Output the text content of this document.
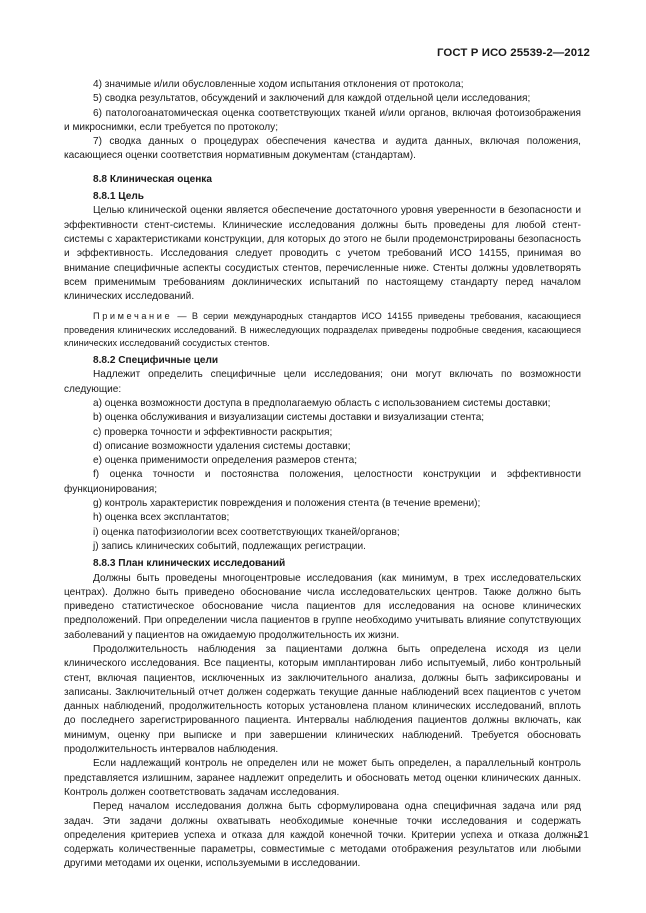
ГОСТ Р ИСО 25539-2—2012

4) значимые и/или обусловленные ходом испытания отклонения от протокола;

5) сводка результатов, обсуждений и заключений для каждой отдельной цели исследования;

6) патологоанатомическая оценка соответствующих тканей и/или органов, включая фотоизображения и микроснимки, если требуется по протоколу;

7) сводка данных о процедурах обеспечения качества и аудита данных, включая положения, касающиеся оценки соответствия нормативным документам (стандартам).

8.8 Клиническая оценка

8.8.1 Цель

Целью клинической оценки является обеспечение достаточного уровня уверенности в безопасности и эффективности стент-системы. Клинические исследования должны быть проведены для любой стент-системы с характеристиками конструкции, для которых до этого не были продемонстрированы безопасность и эффективность. Исследования следует проводить с учетом требований ИСО 14155, принимая во внимание специфичные аспекты сосудистых стентов, перечисленные ниже. Стенты должны удовлетворять всем применимым требованиям доклинических испытаний по настоящему стандарту перед началом клинических исследований.

Примечание — В серии международных стандартов ИСО 14155 приведены требования, касающиеся проведения клинических исследований. В нижеследующих подразделах приведены подробные сведения, касающиеся клинических исследований сосудистых стентов.

8.8.2 Специфичные цели

Надлежит определить специфичные цели исследования; они могут включать по возможности следующие:

a) оценка возможности доступа в предполагаемую область с использованием системы доставки;

b) оценка обслуживания и визуализации системы доставки и визуализации стента;

c) проверка точности и эффективности раскрытия;

d) описание возможности удаления системы доставки;

e) оценка применимости определения размеров стента;

f) оценка точности и постоянства положения, целостности конструкции и эффективности функционирования;

g) контроль характеристик повреждения и положения стента (в течение времени);

h) оценка всех эксплантатов;

i) оценка патофизиологии всех соответствующих тканей/органов;

j) запись клинических событий, подлежащих регистрации.

8.8.3 План клинических исследований

Должны быть проведены многоцентровые исследования (как минимум, в трех исследовательских центрах). Должно быть приведено обоснование числа исследовательских центров. Также должно быть приведено статистическое обоснование числа пациентов для исследования на основе клинических предположений. При определении числа пациентов в группе необходимо учитывать влияние сопутствующих заболеваний у пациентов на ожидаемую продолжительность их жизни.

Продолжительность наблюдения за пациентами должна быть определена исходя из цели клинического исследования. Все пациенты, которым имплантирован либо испытуемый, либо контрольный стент, включая пациентов, исключенных из заключительного анализа, должны быть зафиксированы и записаны. Заключительный отчет должен содержать текущие данные наблюдений всех пациентов с учетом данных наблюдений, продолжительность которых установлена планом клинических исследований, вплоть до последнего зарегистрированного пациента. Интервалы наблюдения пациентов должны включать, как минимум, оценку при выписке и при завершении клинических наблюдений. Требуется обосновать продолжительность интервалов наблюдения.

Если надлежащий контроль не определен или не может быть определен, а параллельный контроль представляется излишним, заранее надлежит определить и обосновать метод оценки клинических данных. Контроль должен соответствовать задачам исследования.

Перед началом исследования должна быть сформулирована одна специфичная задача или ряд задач. Эти задачи должны охватывать необходимые конечные точки исследования и содержать определения критериев успеха и отказа для каждой конечной точки. Критерии успеха и отказа должны содержать количественные параметры, совместимые с методами отображения результатов или любыми другими методами их оценки, используемыми в исследовании.

21
